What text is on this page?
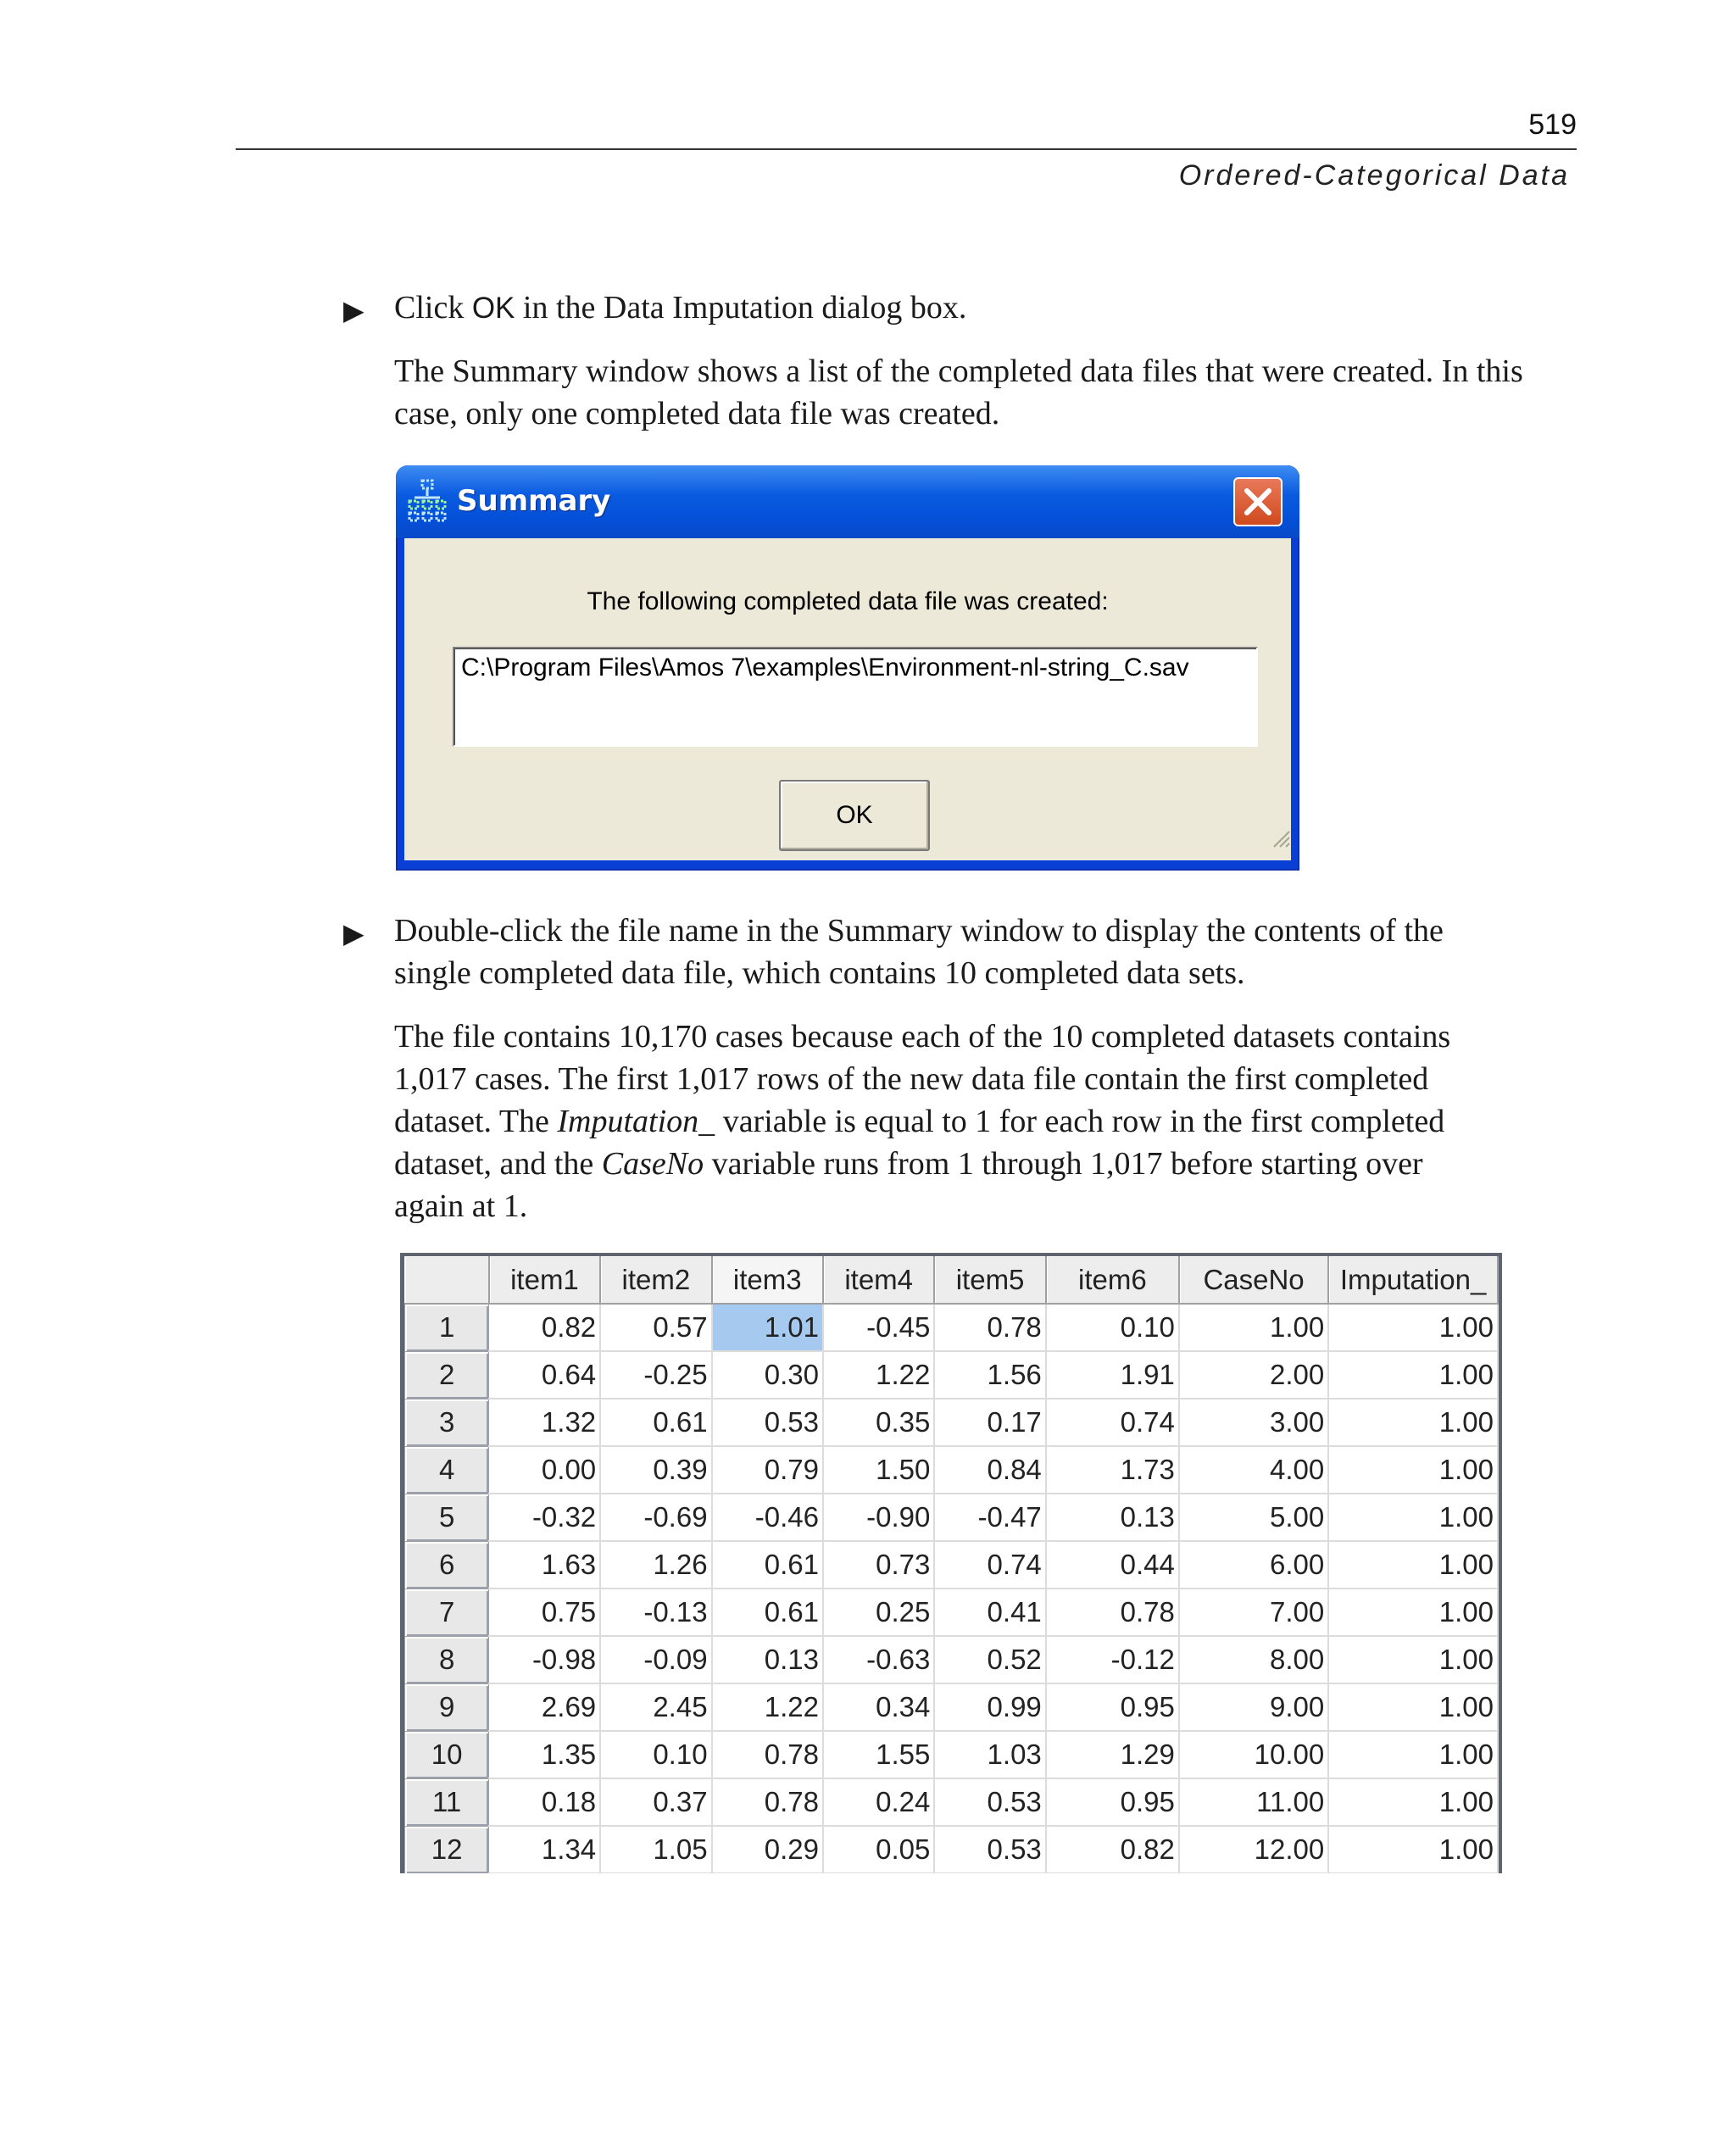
519
Ordered-Categorical Data
▶ Click OK in the Data Imputation dialog box.
The Summary window shows a list of the completed data files that were created. In this
case, only one completed data file was created.
Summary
The following completed data file was created:
C:\Program Files\Amos 7\examples\Environment-nl-string_C.sav
OK
▶ Double-click the file name in the Summary window to display the contents of the
single completed data file, which contains 10 completed data sets.
The file contains 10,170 cases because each of the 10 completed datasets contains
1,017 cases. The first 1,017 rows of the new data file contain the first completed
dataset. The Imputation_ variable is equal to 1 for each row in the first completed
dataset, and the CaseNo variable runs from 1 through 1,017 before starting over
again at 1.
	item1	item2	item3	item4	item5	item6	CaseNo	Imputation_
1	0.82	0.57	1.01	-0.45	0.78	0.10	1.00	1.00
2	0.64	-0.25	0.30	1.22	1.56	1.91	2.00	1.00
3	1.32	0.61	0.53	0.35	0.17	0.74	3.00	1.00
4	0.00	0.39	0.79	1.50	0.84	1.73	4.00	1.00
5	-0.32	-0.69	-0.46	-0.90	-0.47	0.13	5.00	1.00
6	1.63	1.26	0.61	0.73	0.74	0.44	6.00	1.00
7	0.75	-0.13	0.61	0.25	0.41	0.78	7.00	1.00
8	-0.98	-0.09	0.13	-0.63	0.52	-0.12	8.00	1.00
9	2.69	2.45	1.22	0.34	0.99	0.95	9.00	1.00
10	1.35	0.10	0.78	1.55	1.03	1.29	10.00	1.00
11	0.18	0.37	0.78	0.24	0.53	0.95	11.00	1.00
12	1.34	1.05	0.29	0.05	0.53	0.82	12.00	1.00
